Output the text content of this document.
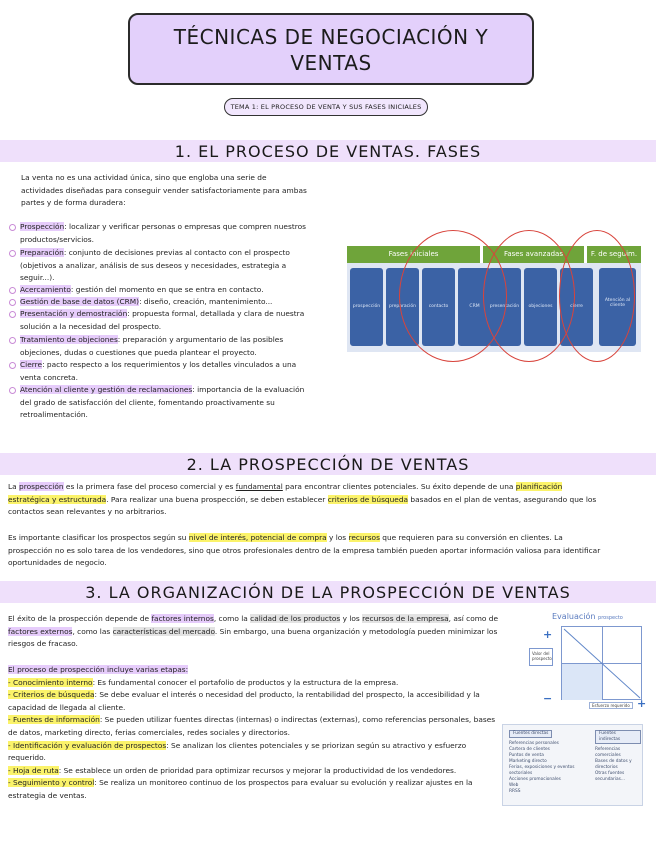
TÉCNICAS DE NEGOCIACIÓN Y
VENTAS
TEMA 1: EL PROCESO DE VENTA Y SUS FASES INICIALES
1. EL PROCESO DE VENTAS. FASES
La venta no es una actividad única, sino que engloba una serie de
actividades diseñadas para conseguir vender satisfactoriamente para ambas
partes y de forma duradera:
Prospección: localizar y verificar personas o empresas que compren nuestros
productos/servicios.
Preparación: conjunto de decisiones previas al contacto con el prospecto
(objetivos a analizar, análisis de sus deseos y necesidades, estrategia a seguir...).
Acercamiento: gestión del momento en que se entra en contacto.
Gestión de base de datos (CRM): diseño, creación, mantenimiento...
Presentación y demostración: propuesta formal, detallada y clara de nuestra
solución a la necesidad del prospecto.
Tratamiento de objeciones: preparación y argumentario de las posibles
objeciones, dudas o cuestiones que pueda plantear el proyecto.
Cierre: pacto respecto a los requerimientos y los detalles vinculados a una
venta concreta.
Atención al cliente y gestión de reclamaciones: importancia de la evaluación
del grado de satisfacción del cliente, fomentando proactivamente su retroalimentación.
Fases iniciales	Fases avanzadas	F. de seguim.
prospección	preparación	contacto	CRM	presentación	objeciones	cierre
Atención al cliente
2. LA PROSPECCIÓN DE VENTAS
La prospección es la primera fase del proceso comercial y es fundamental para encontrar clientes potenciales. Su éxito depende de una planificación
estratégica y estructurada. Para realizar una buena prospección, se deben establecer criterios de búsqueda basados en el plan de ventas, asegurando que los
contactos sean relevantes y no arbitrarios.
Es importante clasificar los prospectos según su nivel de interés, potencial de compra y los recursos que requieren para su conversión en clientes. La
prospección no es solo tarea de los vendedores, sino que otros profesionales dentro de la empresa también pueden aportar información valiosa para identificar
oportunidades de negocio.
3. LA ORGANIZACIÓN DE LA PROSPECCIÓN DE VENTAS
El éxito de la prospección depende de factores internos, como la calidad de los productos y los recursos de la empresa, así como de
factores externos, como las características del mercado. Sin embargo, una buena organización y metodología pueden minimizar los
riesgos de fracaso.
El proceso de prospección incluye varias etapas:
- Conocimiento interno: Es fundamental conocer el portafolio de productos y la estructura de la empresa.
- Criterios de búsqueda: Se debe evaluar el interés o necesidad del producto, la rentabilidad del prospecto, la accesibilidad y la
capacidad de llegada al cliente.
- Fuentes de información: Se pueden utilizar fuentes directas (internas) o indirectas (externas), como referencias personales, bases
de datos, marketing directo, ferias comerciales, redes sociales y directorios.
- Identificación y evaluación de prospectos: Se analizan los clientes potenciales y se priorizan según su atractivo y esfuerzo
requerido.
- Hoja de ruta: Se establece un orden de prioridad para optimizar recursos y mejorar la productividad de los vendedores.
- Seguimiento y control: Se realiza un monitoreo continuo de los prospectos para evaluar su evolución y realizar ajustes en la
estrategia de ventas.
Evaluación prospecto
+
−
Valor del prospecto
Esfuerzo requerido +
Fuentes directas
Referencias personales
Cartera de clientes
Puntos de venta
Marketing directo
Ferias, exposiciones y eventos sectoriales
Acciones promocionales
Web
RRSS
Fuentes indirectas
Referencias comerciales
Bases de datos y directorios
Otras fuentes secundarias...
